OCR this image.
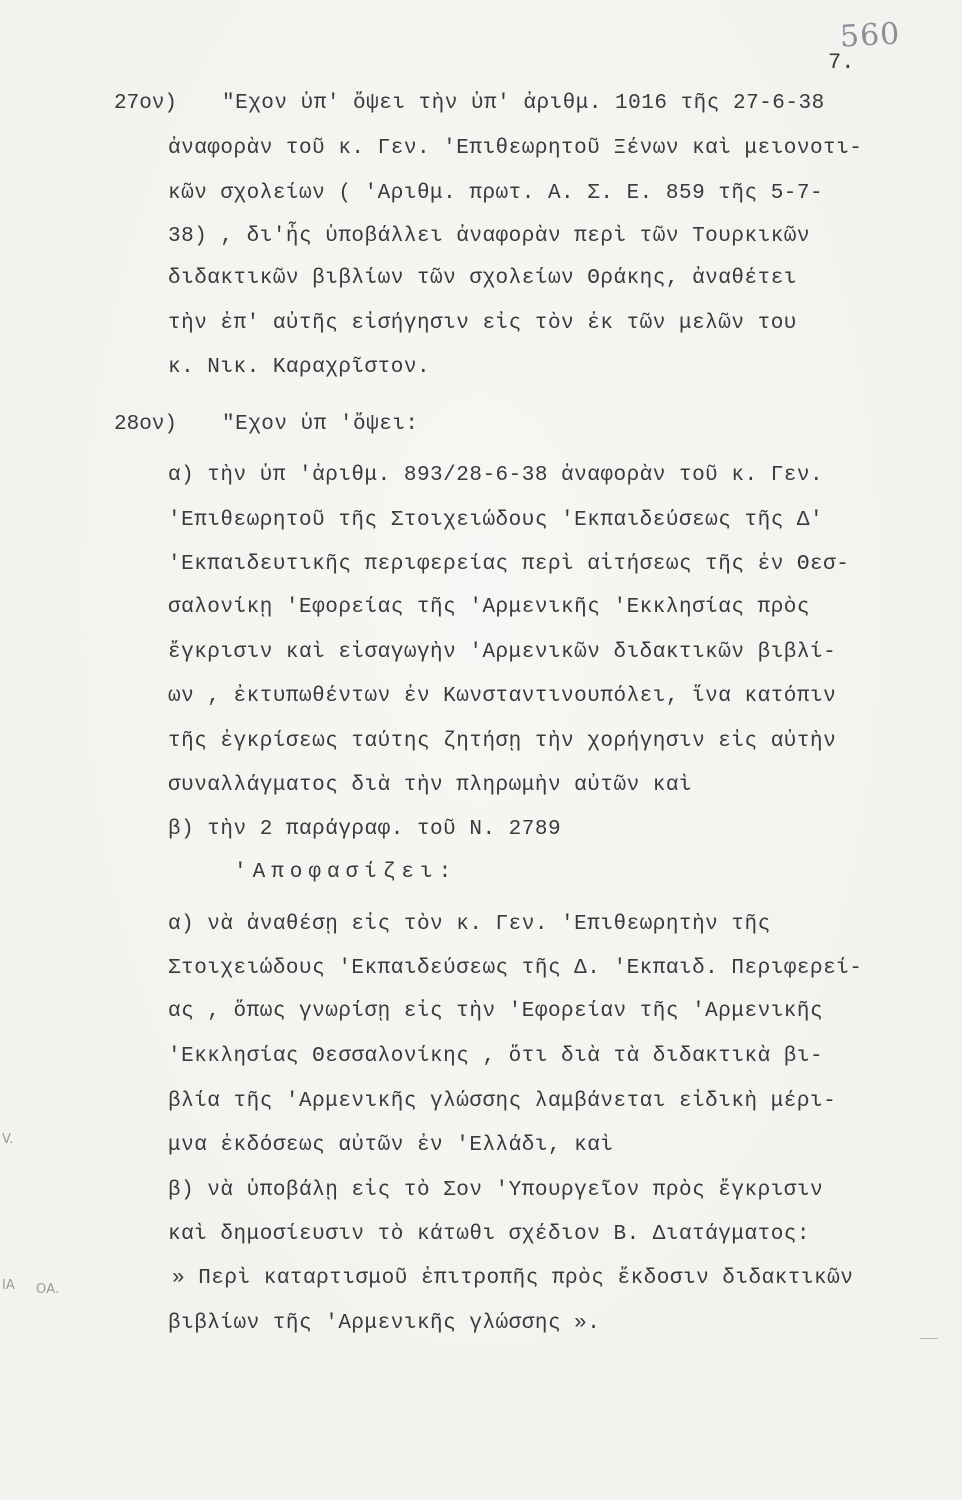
560
7.
27ον) "Εχον ὑπ' ὄψει τὴν ὑπ' ἀριθμ. 1016 τῆς 27-6-38
ἀναφορὰν τοῦ κ. Γεν. 'Επιθεωρητοῦ Ξένων καὶ μειονοτι-
κῶν σχολείων ( 'Αριθμ. πρωτ. Α. Σ. Ε. 859 τῆς 5-7-
38) , δι'ἧς ὑποβάλλει ἀναφορὰν περὶ τῶν Τουρκικῶν
διδακτικῶν βιβλίων τῶν σχολείων Θράκης, ἀναθέτει
τὴν ἐπ' αὐτῆς εἰσήγησιν εἰς τὸν ἐκ τῶν μελῶν του
κ. Νικ. Καραχρῖστον.
28ον) "Εχον ὑπ 'ὄψει:
α) τὴν ὑπ 'ἀριθμ. 893/28-6-38 ἀναφορὰν τοῦ κ. Γεν.
'Επιθεωρητοῦ τῆς Στοιχειώδους 'Εκπαιδεύσεως τῆς Δ'
'Εκπαιδευτικῆς περιφερείας περὶ αἰτήσεως τῆς ἐν Θεσ-
σαλονίκῃ 'Εφορείας τῆς 'Αρμενικῆς 'Εκκλησίας πρὸς
ἔγκρισιν καὶ εἰσαγωγὴν 'Αρμενικῶν διδακτικῶν βιβλί-
ων , ἐκτυπωθέντων ἐν Κωνσταντινουπόλει, ἵνα κατόπιν
τῆς ἐγκρίσεως ταύτης ζητήσῃ τὴν χορήγησιν εἰς αὐτὴν
συναλλάγματος διὰ τὴν πληρωμὴν αὐτῶν καὶ
β) τὴν 2 παράγραφ. τοῦ Ν. 2789
'Αποφασίζει:
α) νὰ ἀναθέσῃ εἰς τὸν κ. Γεν. 'Επιθεωρητὴν τῆς
Στοιχειώδους 'Εκπαιδεύσεως τῆς Δ. 'Εκπαιδ. Περιφερεί-
ας , ὅπως γνωρίσῃ εἰς τὴν 'Εφορείαν τῆς 'Αρμενικῆς
'Εκκλησίας Θεσσαλονίκης , ὅτι διὰ τὰ διδακτικὰ βι-
βλία τῆς 'Αρμενικῆς γλώσσης λαμβάνεται εἰδικὴ μέρι-
μνα ἐκδόσεως αὐτῶν ἐν 'Ελλάδι, καὶ
β) νὰ ὑποβάλῃ εἰς τὸ Σον 'Υπουργεῖον πρὸς ἔγκρισιν
καὶ δημοσίευσιν τὸ κάτωθι σχέδιον Β. Διατάγματος:
» Περὶ καταρτισμοῦ ἐπιτροπῆς πρὸς ἔκδοσιν διδακτικῶν
βιβλίων τῆς 'Αρμενικῆς γλώσσης ».
V.
IA ΟΑ.
